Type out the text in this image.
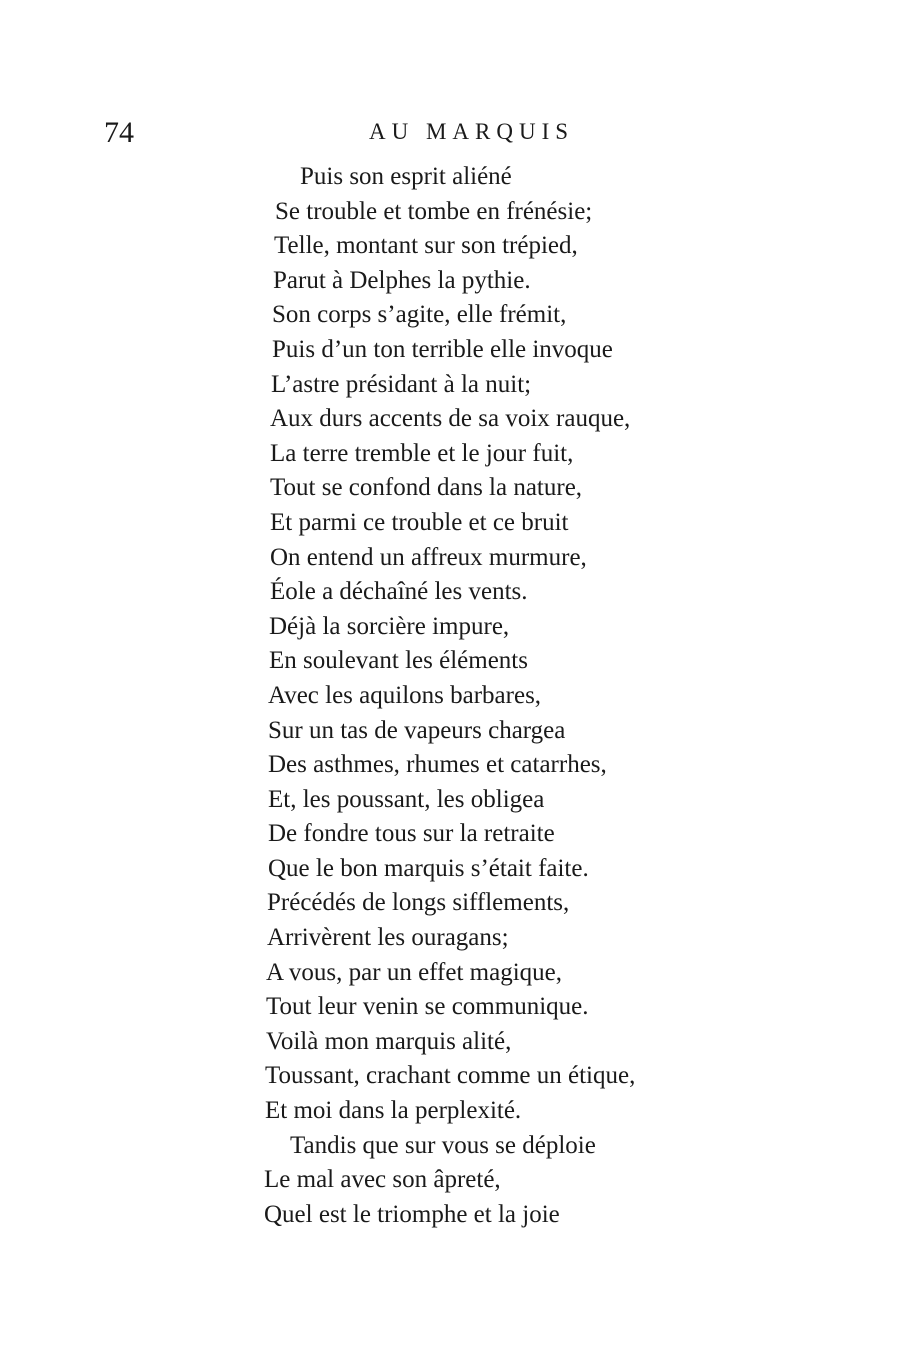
74	AU MARQUIS
Puis son esprit aliéné
Se trouble et tombe en frénésie;
Telle, montant sur son trépied,
Parut à Delphes la pythie.
Son corps s’agite, elle frémit,
Puis d’un ton terrible elle invoque
L’astre présidant à la nuit;
Aux durs accents de sa voix rauque,
La terre tremble et le jour fuit,
Tout se confond dans la nature,
Et parmi ce trouble et ce bruit
On entend un affreux murmure,
Éole a déchaîné les vents.
Déjà la sorcière impure,
En soulevant les éléments
Avec les aquilons barbares,
Sur un tas de vapeurs chargea
Des asthmes, rhumes et catarrhes,
Et, les poussant, les obligea
De fondre tous sur la retraite
Que le bon marquis s’était faite.
Précédés de longs sifflements,
Arrivèrent les ouragans;
A vous, par un effet magique,
Tout leur venin se communique.
Voilà mon marquis alité,
Toussant, crachant comme un étique,
Et moi dans la perplexité.
Tandis que sur vous se déploie
Le mal avec son âpreté,
Quel est le triomphe et la joie
